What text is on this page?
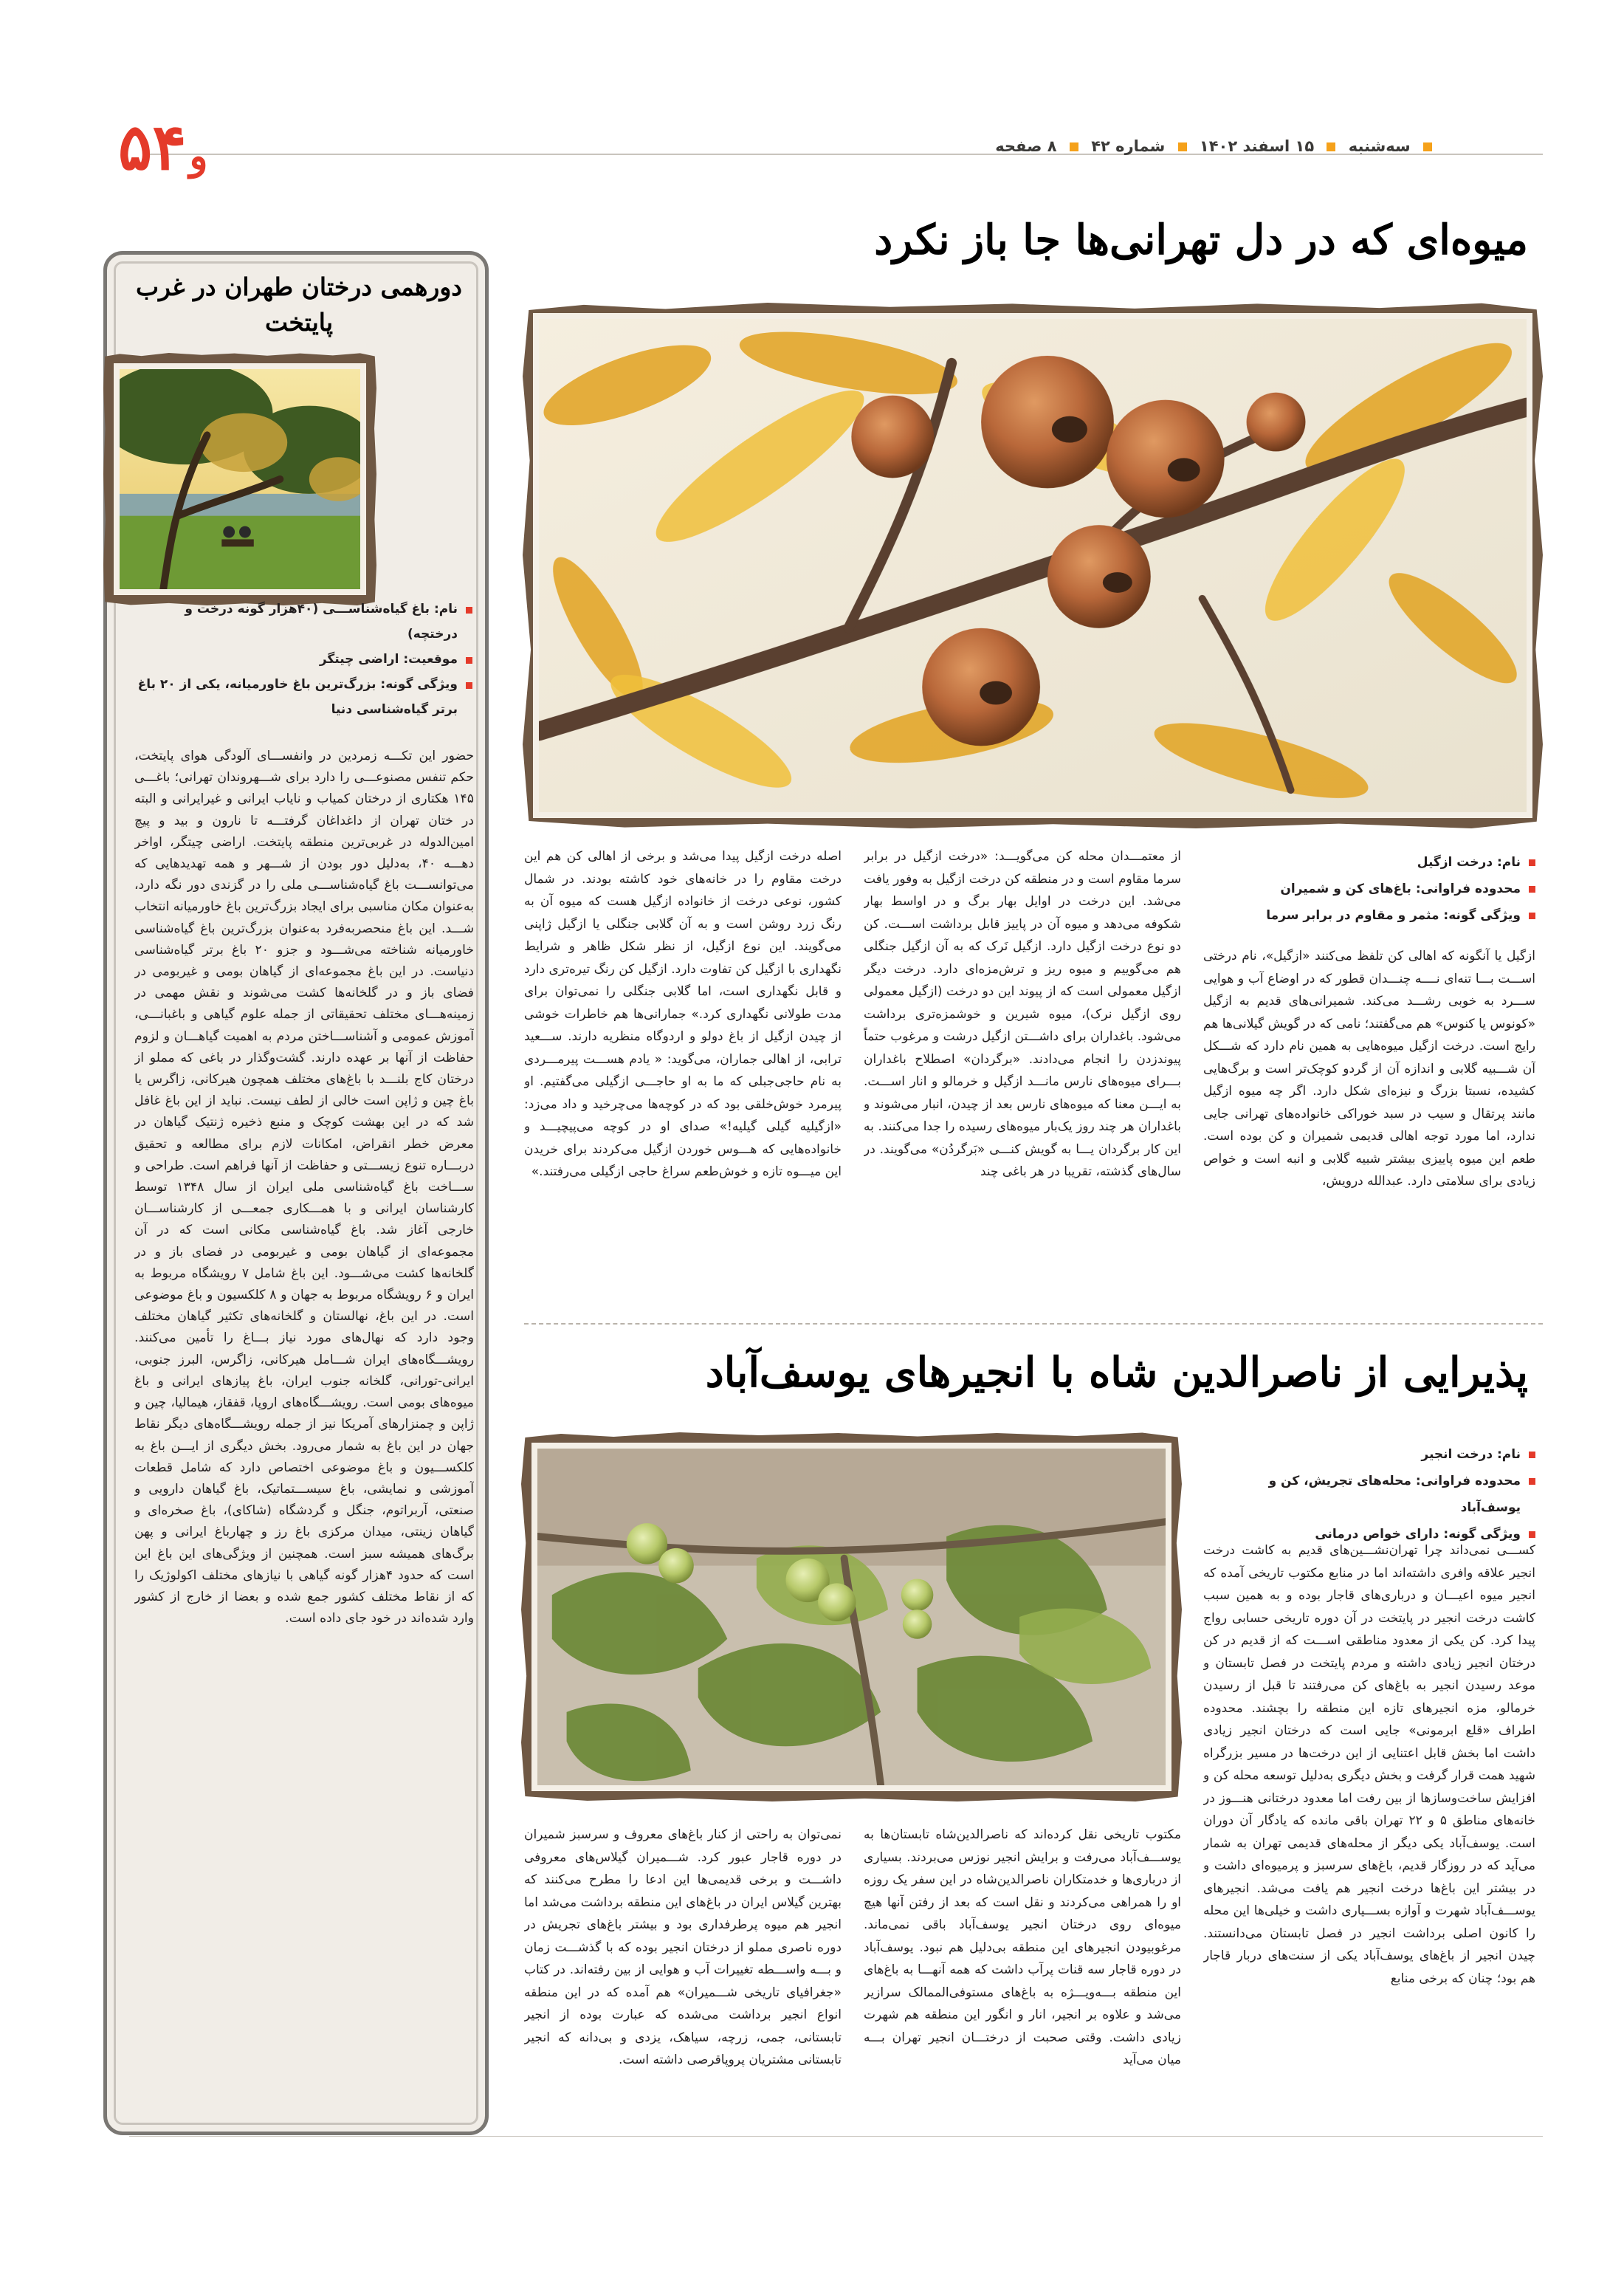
سه‌شنبه  ۱۵ اسفند ۱۴۰۲  شماره ۴۲  ۸ صفحه
۵ و۴
میوه‌ای که در دل تهرانی‌ها جا باز نکرد
نام: درخت ازگیل
محدوده فراوانی: باغ‌های کن و شمیران
ویژگی گونه: مثمر و مقاوم در برابر سرما
ازگیل یا آنگونه که اهالی کن تلفظ می‌کنند «ازگیل»، نام درختی اســـت بـــا تنه‌ای نــــه چنـــدان قطور که در اوضاع آب و هوایی ســـرد به خوبی رشـــد می‌کند. شمیرانی‌های قدیم به ازگیل «کونوس یا کنوس» هم می‌گفتند؛ نامی که در گویش گیلانی‌ها هم رایج است. درخت ازگیل میوه‌هایی به همین نام دارد که شـــکل آن شـــبیه گلابی و اندازه آن از گردو کوچک‌تر است و برگ‌هایی کشیده، نسبتا بزرگ و نیزه‌ای شکل دارد. اگر چه میوه ازگیل مانند پرتقال و سیب در سبد خوراکی خانواده‌های تهرانی جایی ندارد، اما مورد توجه اهالی قدیمی شمیران و کن بوده است. طعم این میوه پاییزی بیشتر شبیه گلابی و انبه است و خواص زیادی برای سلامتی دارد. عبدالله درویش،
از معتمـــدان محله کن می‌گویـــد: «درخت ازگیل در برابر سرما مقاوم است و در منطقه کن درخت ازگیل به وفور یافت می‌شد. این درخت در اوایل بهار برگ و در اواسط بهار شکوفه می‌دهد و میوه آن در پاییز قابل برداشت اســـت. کن دو نوع درخت ازگیل دارد. ازگیل نَرک که به آن ازگیل جنگلی هم می‌گوییم و میوه ریز و ترش‌مزه‌ای دارد. درخت دیگر ازگیل معمولی است که از پیوند این دو درخت (ازگیل معمولی روی ازگیل نرک)، میوه شیرین و خوشمزه‌تری برداشت می‌شود. باغداران برای داشـــتن ازگیل درشت و مرغوب حتماً پیوندزدن را انجام می‌دادند. «برگردان» اصطلاح باغداران بـــرای میوه‌های نارس مانـــد ازگیل و خرمالو و انار اســـت. به ایـــن معنا که میوه‌های نارس بعد از چیدن، انبار می‌شوند و باغداران هر چند روز یک‌بار میوه‌های رسیده را جدا می‌کنند. به این کار برگردان یـــا به گویش کنـــی «بَرگردُن» می‌گویند. در سال‌های گذشته، تقریبا در هر باغی چند
اصله درخت ازگیل پیدا می‌شد و برخی از اهالی کن هم این درخت مقاوم را در خانه‌های خود کاشته بودند. در شمال کشور، نوعی درخت از خانواده ازگیل هست که میوه آن به رنگ زرد روشن است و به آن گلابی جنگلی یا ازگیل ژاپنی می‌گویند. این نوع ازگیل، از نظر شکل ظاهر و شرایط نگهداری با ازگیل کن تفاوت دارد. ازگیل کن رنگ تیره‌تری دارد و قابل نگهداری است، اما گلابی جنگلی را نمی‌توان برای مدت طولانی نگهداری کرد.» جمارانی‌ها هم خاطرات خوشی از چیدن ازگیل از باغ دولو و اردوگاه منظریه دارند. ســـعید ترابی، از اهالی جماران، می‌گوید: « یادم هســـت پیرمـــردی به نام حاجی‌جبلی که ما به او حاجـــی ازگیلی می‌گفتیم. او پیرمرد خوش‌خلقی بود که در کوچه‌ها می‌چرخید و داد می‌زد: «ازگیلیه گیلی گیلیه!» صدای او در کوچه می‌پیچیـــد و خانواده‌هایی که هـــوس خوردن ازگیل می‌کردند برای خریدن این میـــوه تازه و خوش‌طعم سراغ حاجی ازگیلی می‌رفتند.»
پذیرایی از ناصرالدین شاه با انجیرهای یوسف‌آباد
نام: درخت انجیر
محدوده فراوانی: محله‌های تجریش، کن و یوسف‌آباد
ویژگی گونه: دارای خواص درمانی
کســـی نمی‌داند چرا تهران‌نشـــین‌های قدیم به کاشت درخت انجیر علاقه وافری داشته‌اند اما در منابع مکتوب تاریخی آمده که انجیر میوه اعیـــان و درباری‌های قاجار بوده و به همین سبب کاشت درخت انجیر در پایتخت در آن دوره تاریخی حسابی رواج پیدا کرد. کن یکی از معدود مناطقی اســـت که از قدیم در کن درختان انجیر زیادی داشته و مردم پایتخت در فصل تابستان و موعد رسیدن انجیر به باغ‌های کن می‌رفتند تا قبل از رسیدن خرمالو، مزه انجیرهای تازه این منطقه را بچشند. محدوده اطراف «قلع ابرمونی» جایی است که درختان انجیر زیادی داشت اما بخش قابل اعتنایی از این درخت‌ها در مسیر بزرگراه شهید همت قرار گرفت و بخش دیگری به‌دلیل توسعه محله کن و افزایش ساخت‌وسازها از بین رفت اما معدود درختانی هنـــوز در خانه‌های مناطق ۵ و ۲۲ تهران باقی مانده که یادگار آن دوران است. یوسف‌آباد یکی دیگر از محله‌های قدیمی تهران به شمار می‌آید که در روزگار قدیم، باغ‌های سرسبز و پرمیوه‌ای داشت و در بیشتر این باغ‌ها درخت انجیر هم یافت می‌شد. انجیرهای یوســـف‌آباد شهرت و آوازه بســـیاری داشت و خیلی‌ها این محله را کانون اصلی برداشت انجیر در فصل تابستان می‌دانستند. چیدن انجیر از باغ‌های یوسف‌آباد یکی از سنت‌های دربار قاجار هم بود؛ چنان که برخی منابع
مکتوب تاریخی نقل کرده‌اند که ناصرالدین‌شاه تابستان‌ها به یوســـف‌آباد می‌رفت و برایش انجیر نوزس می‌بردند. بسیاری از درباری‌ها و خدمتکاران ناصرالدین‌شاه در این سفر یک روزه او را همراهی می‌کردند و نقل است که بعد از رفتن آنها هیچ میوه‌ای روی درختان انجیر یوسف‌آباد باقی نمی‌ماند. مرغوبیودن انجیرهای این منطقه بی‌دلیل هم نبود. یوسف‌آباد در دوره قاجار سه قنات پرآب داشت که همه آنهـــا به باغ‌های این منطقه بـــه‌ویـــژه به باغ‌های مستوفی‌الممالک سرازیر می‌شد و علاوه بر انجیر، انار و انگور این منطقه هم شهرت زیادی داشت. وقتی صحبت از درختـــان انجیر تهران بـــه میان می‌آید
نمی‌توان به راحتی از کنار باغ‌های معروف و سرسبز شمیران در دوره قاجار عبور کرد. شـــمیران گیلاس‌های معروفی داشـــت و برخی قدیمی‌ها این ادعا را مطرح می‌کنند که بهترین گیلاس ایران در باغ‌های این منطقه برداشت می‌شد اما انجیر هم میوه پرطرفداری بود و بیشتر باغ‌های تجریش در دوره ناصری مملو از درختان انجیر بوده که با گذشـــت زمان و بـــه واســـطه تغییرات آب و هوایی از بین رفته‌اند. در کتاب «جغرافیای تاریخی شـــمیران» هم آمده که در این منطقه انواع انجیر برداشت می‌شده که عبارت بوده از انجیر تابستانی، جمی، زرچه، سیاهک، یزدی و بی‌دانه که انجیر تابستانی مشتریان پروپاقرصی داشته است.
دورهمی درختان طهران در غرب پایتخت
نام: باغ گیاه‌شناســـی (۴۰هزار گونه درخت و درختچه)
موقعیت: اراضی چیتگر
ویژگی گونه: بزرگ‌ترین باغ خاورمیانه، یکی از ۲۰ باغ برتر گیاه‌شناسی دنیا
حضور این تکـــه زمردین در وانفســـای آلودگی هوای پایتخت، حکم تنفس مصنوعـــی را دارد برای شـــهروندان تهرانی؛ باغـــی ۱۴۵ هکتاری از درختان کمیاب و نایاب ایرانی و غیرایرانی و البته در ختان تهران از داغداغان گرفتـــه تا نارون و بید و پیچ امین‌الدوله در غربی‌ترین منطقه پایتخت. اراضی چیتگر، اواخر دهـــه ۴۰، به‌دلیل دور بودن از شـــهر و همه تهدیدهایی که می‌توانســـت باغ گیاه‌شناســـی ملی را در گزندی دور نگه دارد، به‌عنوان مکان مناسبی برای ایجاد بزرگ‌ترین باغ خاورمیانه انتخاب شـــد. این باغ منحصربه‌فرد به‌عنوان بزرگ‌ترین باغ گیاه‌شناسی خاورمیانه شناخته می‌شـــود و جزو ۲۰ باغ برتر گیاه‌شناسی دنیاست. در این باغ مجموعه‌ای از گیاهان بومی و غیربومی در فضای باز و در گلخانه‌ها کشت می‌شوند و نقش مهمی در زمینه‌هـــای مختلف تحقیقاتی از جمله علوم گیاهی و باغبانـــی، آموزش عمومی و آشناســـاختن مردم به اهمیت گیاهـــان و لزوم حفاظت از آنها بر عهده دارند. گشت‌وگذار در باغی که مملو از درختان کاج بلنـــد با باغ‌های مختلف همچون هیرکانی، زاگرس یا باغ چین و ژاپن است خالی از لطف نیست. نباید از این باغ غافل شد که در این بهشت کوچک و منبع ذخیره ژنتیک گیاهان در معرض خطر انقراض، امکانات لازم برای مطالعه و تحقیق دربـــاره تنوع زیســـتی و حفاظت از آنها فراهم است. طراحی و ســـاخت باغ گیاه‌شناسی ملی ایران از سال ۱۳۴۸ توسط کارشناسان ایرانی و با همـــکاری جمعـــی از کارشناســـان خارجی آغاز شد. باغ گیاه‌شناسی مکانی است که در آن مجموعه‌ای از گیاهان بومی و غیربومی در فضای باز و در گلخانه‌ها کشت می‌شـــود. این باغ شامل ۷ رویشگاه مربوط به ایران و ۶ رویشگاه مربوط به جهان و ۸ کلکسیون و باغ موضوعی است. در این باغ، نهالستان و گلخانه‌های تکثیر گیاهان مختلف وجود دارد که نهال‌های مورد نیاز بـــاغ را تأمین می‌کنند. رویشـــگاه‌های ایران شـــامل هیرکانی، زاگرس، البرز جنوبی، ایرانی-تورانی، گلخانه جنوب ایران، باغ پیازهای ایرانی و باغ میوه‌های بومی است. رویشـــگاه‌های اروپا، قفقاز، هیمالیا، چین و ژاپن و چمنزارهای آمریکا نیز از جمله رویشـــگاه‌های دیگر نقاط جهان در این باغ به شمار می‌رود. بخش دیگری از ایـــن باغ به کلکســـیون و باغ موضوعی اختصاص دارد که شامل قطعات آموزشی و نمایشی، باغ سیســـتماتیک، باغ گیاهان دارویی و صنعتی، آربراتوم، جنگل و گردشگاه (شاکای)، باغ صخره‌ای و گیاهان زینتی، میدان مرکزی باغ رز و چهارباغ ایرانی و پهن برگ‌های همیشه سبز است. همچنین از ویژگی‌های این باغ این است که حدود ۴هزار گونه گیاهی با نیازهای مختلف اکولوژیک را که از نقاط مختلف کشور جمع شده و بعضا از خارج از کشور وارد شده‌اند در خود جای داده است.
